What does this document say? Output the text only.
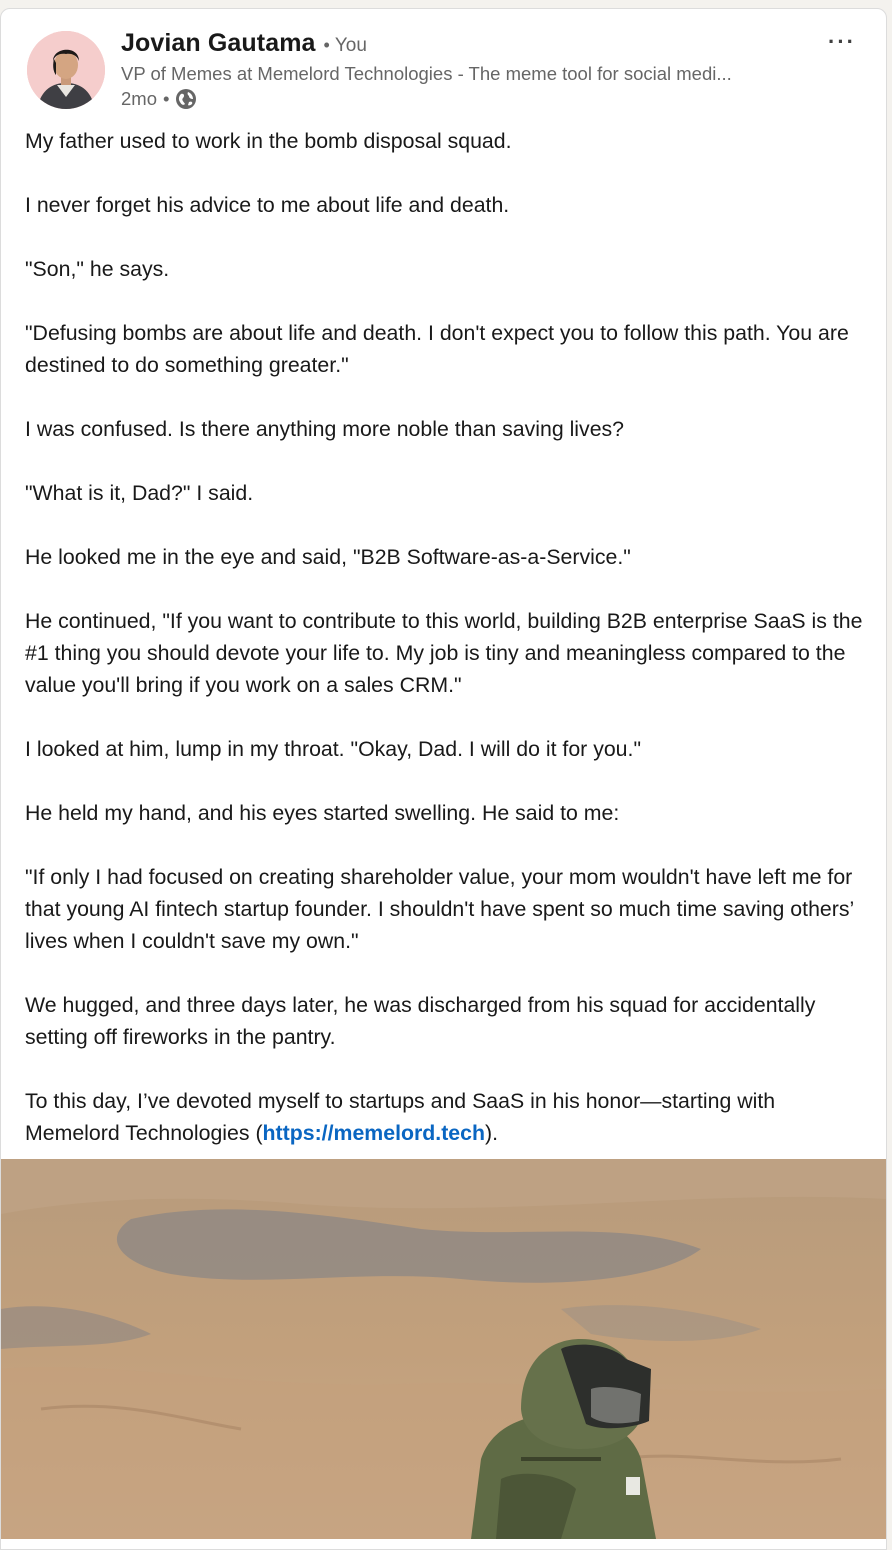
Jovian Gautama • You
VP of Memes at Memelord Technologies - The meme tool for social medi...
2mo •
···

My father used to work in the bomb disposal squad.

I never forget his advice to me about life and death.

"Son," he says.

"Defusing bombs are about life and death. I don't expect you to follow this path. You are destined to do something greater."

I was confused. Is there anything more noble than saving lives?

"What is it, Dad?" I said.

He looked me in the eye and said, "B2B Software-as-a-Service."

He continued, "If you want to contribute to this world, building B2B enterprise SaaS is the #1 thing you should devote your life to. My job is tiny and meaningless compared to the value you'll bring if you work on a sales CRM."

I looked at him, lump in my throat. "Okay, Dad. I will do it for you."

He held my hand, and his eyes started swelling. He said to me:

"If only I had focused on creating shareholder value, your mom wouldn't have left me for that young AI fintech startup founder. I shouldn't have spent so much time saving others’ lives when I couldn't save my own."

We hugged, and three days later, he was discharged from his squad for accidentally setting off fireworks in the pantry.

To this day, I’ve devoted myself to startups and SaaS in his honor—starting with Memelord Technologies (https://memelord.tech).
